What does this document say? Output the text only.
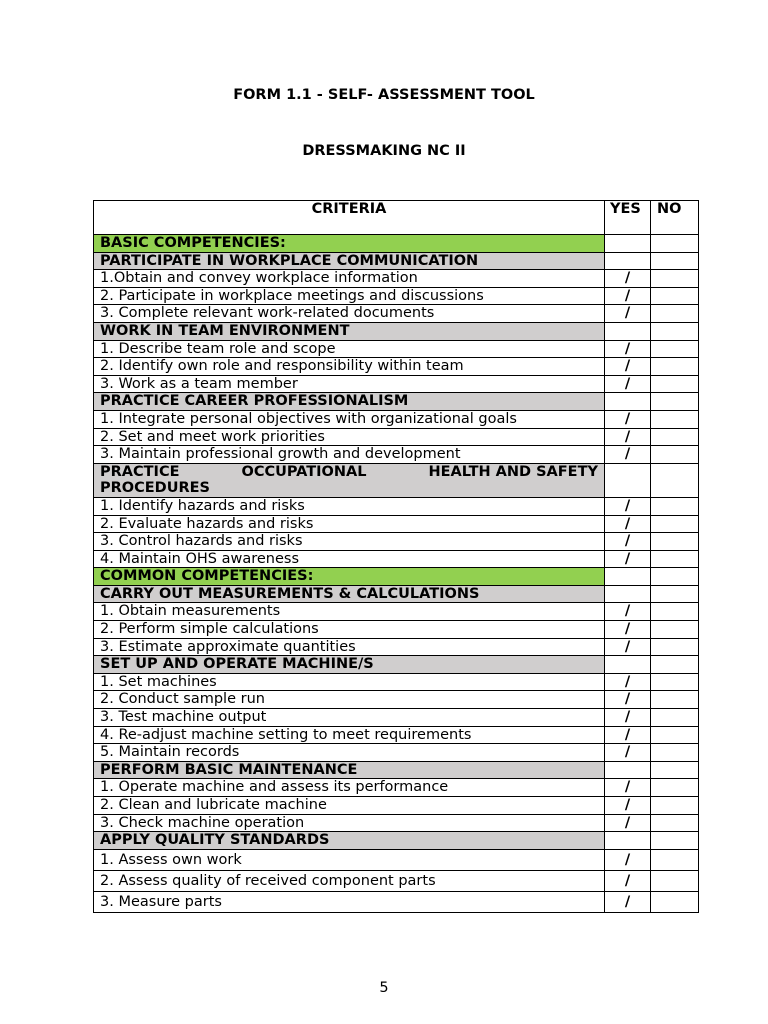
FORM 1.1 - SELF- ASSESSMENT TOOL
DRESSMAKING NC II
CRITERIA	YES	NO
BASIC COMPETENCIES:		
PARTICIPATE IN WORKPLACE COMMUNICATION		
1.Obtain and convey workplace information	/	
2. Participate in workplace meetings and discussions	/	
3. Complete relevant work-related documents	/	
WORK IN TEAM ENVIRONMENT		
1. Describe team role and scope	/	
2. Identify own role and responsibility within team	/	
3. Work as a team member	/	
PRACTICE CAREER PROFESSIONALISM		
1. Integrate personal objectives with organizational goals	/	
2. Set and meet work priorities	/	
3. Maintain professional growth and development	/	

PRACTICE OCCUPATIONAL HEALTH AND SAFETY
PROCEDURES		

1. Identify hazards and risks	/	
2. Evaluate hazards and risks	/	
3. Control hazards and risks	/	
4. Maintain OHS awareness	/	
COMMON COMPETENCIES:		
CARRY OUT MEASUREMENTS & CALCULATIONS		
1. Obtain measurements	/	
2. Perform simple calculations	/	
3. Estimate approximate quantities	/	
SET UP AND OPERATE MACHINE/S		
1. Set machines	/	
2. Conduct sample run	/	
3. Test machine output	/	
4. Re-adjust machine setting to meet requirements	/	
5. Maintain records	/	
PERFORM BASIC MAINTENANCE		
1. Operate machine and assess its performance	/	
2. Clean and lubricate machine	/	
3. Check machine operation	/	
APPLY QUALITY STANDARDS		
1. Assess own work	/	
2. Assess quality of received component parts	/	
3. Measure parts	/	
5
